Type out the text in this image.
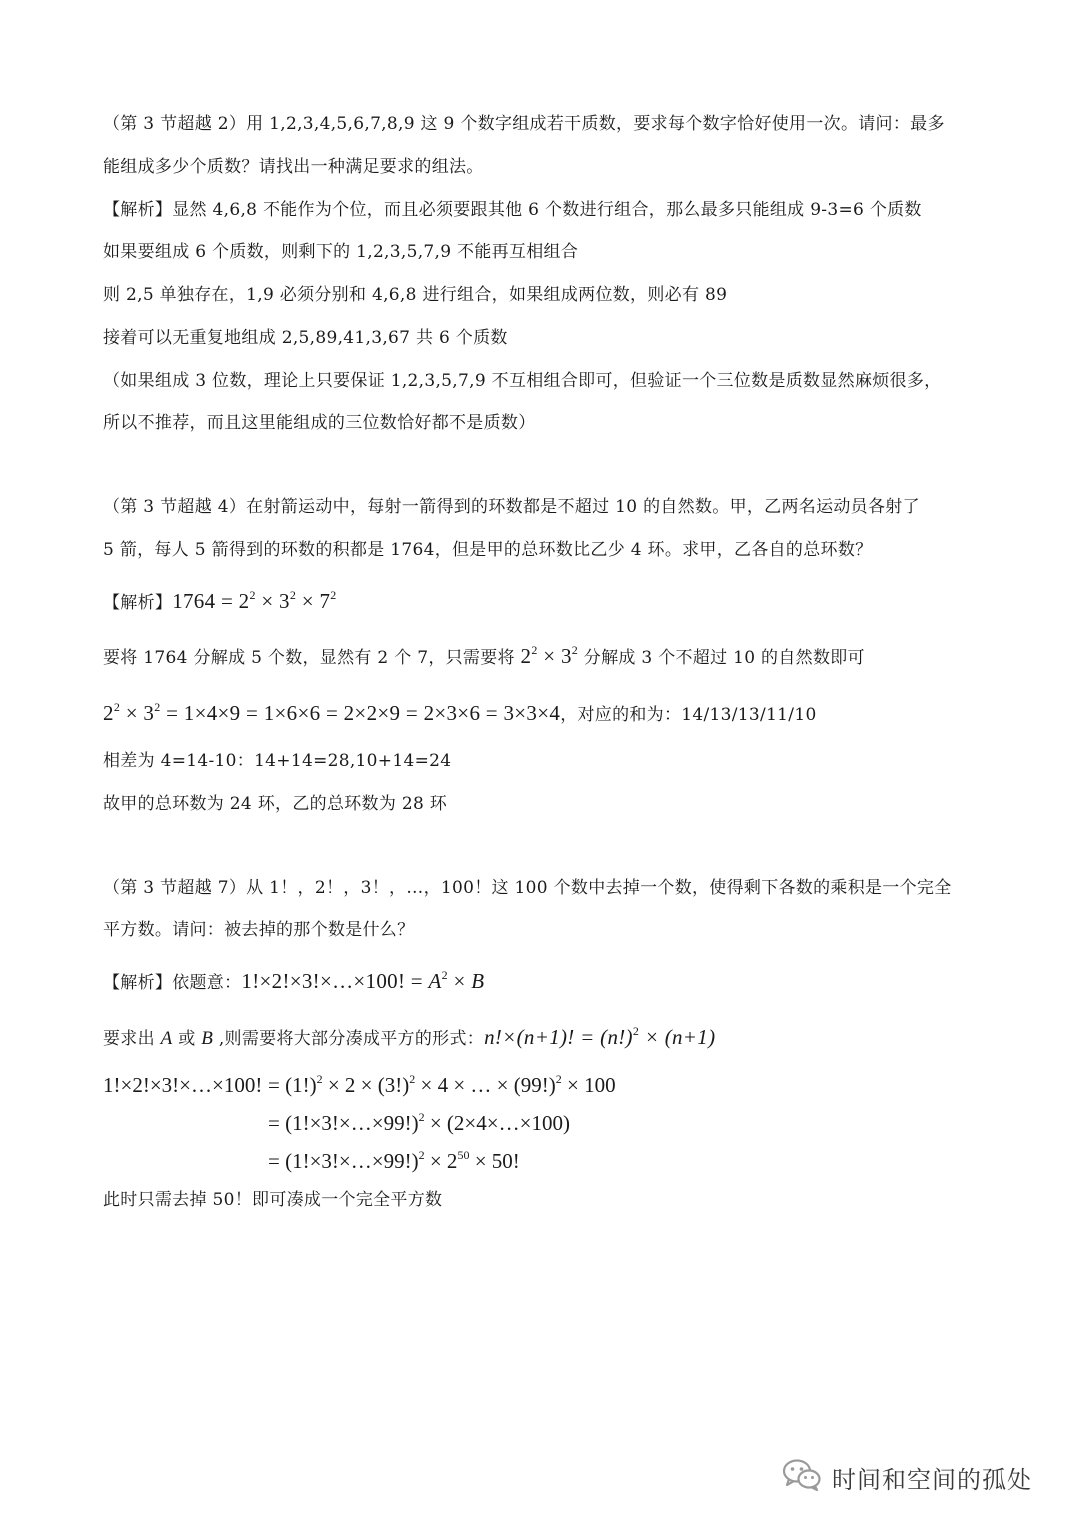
（第 3 节超越 2）用 1,2,3,4,5,6,7,8,9 这 9 个数字组成若干质数，要求每个数字恰好使用一次。请问：最多
能组成多少个质数？请找出一种满足要求的组法。
【解析】显然 4,6,8 不能作为个位，而且必须要跟其他 6 个数进行组合，那么最多只能组成 9-3=6 个质数
如果要组成 6 个质数，则剩下的 1,2,3,5,7,9 不能再互相组合
则 2,5 单独存在，1,9 必须分别和 4,6,8 进行组合，如果组成两位数，则必有 89
接着可以无重复地组成 2,5,89,41,3,67 共 6 个质数
（如果组成 3 位数，理论上只要保证 1,2,3,5,7,9 不互相组合即可，但验证一个三位数是质数显然麻烦很多，
所以不推荐，而且这里能组成的三位数恰好都不是质数）
（第 3 节超越 4）在射箭运动中，每射一箭得到的环数都是不超过 10 的自然数。甲，乙两名运动员各射了
5 箭，每人 5 箭得到的环数的积都是 1764，但是甲的总环数比乙少 4 环。求甲，乙各自的总环数？
【解析】$1764 = 2^2 \times 3^2 \times 7^2$
要将 1764 分解成 5 个数，显然有 2 个 7，只需要将 $2^2 \times 3^2$ 分解成 3 个不超过 10 的自然数即可
$2^2 \times 3^2 = 1\times 4\times 9 = 1\times 6\times 6 = 2\times 2\times 9 = 2\times 3\times 6 = 3\times 3\times 4$，对应的和为：14/13/13/11/10
相差为 4=14-10：14+14=28,10+14=24
故甲的总环数为 24 环，乙的总环数为 28 环
（第 3 节超越 7）从 1！，2！，3！，…，100！这 100 个数中去掉一个数，使得剩下各数的乘积是一个完全
平方数。请问：被去掉的那个数是什么？
【解析】依题意：1!×2!×3!×…×100! = $A^2 \times B$
要求出 A 或 B ,则需要将大部分凑成平方的形式：n!×(n+1)! = $(n!)^2 \times (n+1)$
1!×2!×3!×…×100! = $(1!)^2 \times 2 \times (3!)^2 \times 4$ × … × $(99!)^2 \times 100$
= (1!×3!×…×99!)$^2$ × (2×4×…×100)
= (1!×3!×…×99!)$^2$ × $2^{50} \times 50$!
此时只需去掉 50！即可凑成一个完全平方数
时间和空间的孤处
